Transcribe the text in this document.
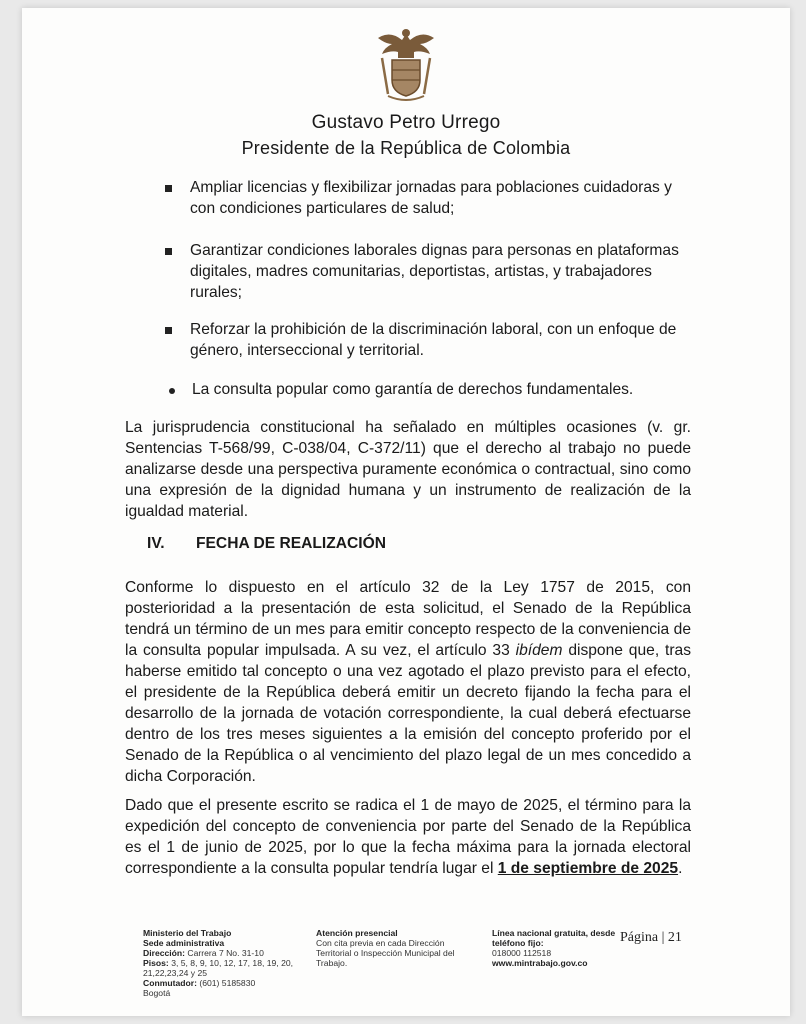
Gustavo Petro Urrego
Presidente de la República de Colombia
Ampliar licencias y flexibilizar jornadas para poblaciones cuidadoras y con condiciones particulares de salud;
Garantizar condiciones laborales dignas para personas en plataformas digitales, madres comunitarias, deportistas, artistas, y trabajadores rurales;
Reforzar la prohibición de la discriminación laboral, con un enfoque de género, interseccional y territorial.
La consulta popular como garantía de derechos fundamentales.
La jurisprudencia constitucional ha señalado en múltiples ocasiones (v. gr. Sentencias T-568/99, C-038/04, C-372/11) que el derecho al trabajo no puede analizarse desde una perspectiva puramente económica o contractual, sino como una expresión de la dignidad humana y un instrumento de realización de la igualdad material.
IV. FECHA DE REALIZACIÓN
Conforme lo dispuesto en el artículo 32 de la Ley 1757 de 2015, con posterioridad a la presentación de esta solicitud, el Senado de la República tendrá un término de un mes para emitir concepto respecto de la conveniencia de la consulta popular impulsada. A su vez, el artículo 33 ibídem dispone que, tras haberse emitido tal concepto o una vez agotado el plazo previsto para el efecto, el presidente de la República deberá emitir un decreto fijando la fecha para el desarrollo de la jornada de votación correspondiente, la cual deberá efectuarse dentro de los tres meses siguientes a la emisión del concepto proferido por el Senado de la República o al vencimiento del plazo legal de un mes concedido a dicha Corporación.
Dado que el presente escrito se radica el 1 de mayo de 2025, el término para la expedición del concepto de conveniencia por parte del Senado de la República es el 1 de junio de 2025, por lo que la fecha máxima para la jornada electoral correspondiente a la consulta popular tendría lugar el 1 de septiembre de 2025.
Ministerio del Trabajo
Sede administrativa
Dirección: Carrera 7 No. 31-10
Pisos: 3, 5, 8, 9, 10, 12, 17, 18, 19, 20, 21,22,23,24 y 25
Conmutador: (601) 5185830
Bogotá
Atención presencial
Con cita previa en cada Dirección Territorial o Inspección Municipal del Trabajo.
Línea nacional gratuita, desde teléfono fijo:
018000 112518
www.mintrabajo.gov.co
Página | 21
